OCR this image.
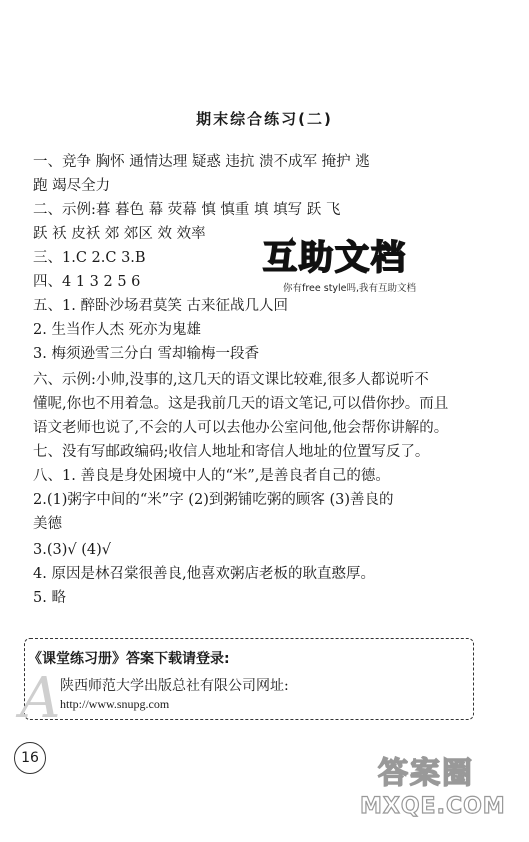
期末综合练习(二)
一、竞争 胸怀 通情达理 疑惑 违抗 溃不成军 掩护 逃
跑 竭尽全力
二、示例:暮 暮色 幕 荧幕 慎 慎重 填 填写 跃 飞
跃 袄 皮袄 郊 郊区 效 效率
三、1.C 2.C 3.B
四、4 1 3 2 5 6
五、1. 醉卧沙场君莫笑 古来征战几人回
2. 生当作人杰 死亦为鬼雄
3. 梅须逊雪三分白 雪却输梅一段香
六、示例:小帅,没事的,这几天的语文课比较难,很多人都说听不
懂呢,你也不用着急。这是我前几天的语文笔记,可以借你抄。而且
语文老师也说了,不会的人可以去他办公室问他,他会帮你讲解的。
七、没有写邮政编码;收信人地址和寄信人地址的位置写反了。
八、1. 善良是身处困境中人的“米”,是善良者自己的德。
2.(1)粥字中间的“米”字 (2)到粥铺吃粥的顾客 (3)善良的
美德
3.(3)√ (4)√
4. 原因是林召棠很善良,他喜欢粥店老板的耿直憨厚。
5. 略
互助文档
你有free style吗,我有互助文档
A
《课堂练习册》答案下载请登录:
陕西师范大学出版总社有限公司网址:
http://www.snupg.com
16	答案圈
MXQE.COM
